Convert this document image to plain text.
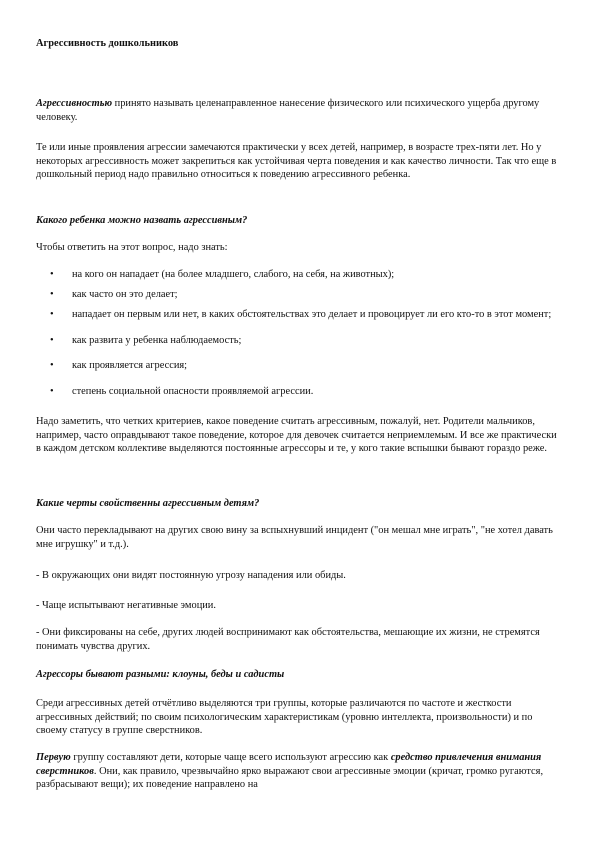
Агрессивность дошкольников

Агрессивностью принято называть целенаправленное нанесение физического или психического ущерба другому человеку.

Те или иные проявления агрессии замечаются практически у всех детей, например, в возрасте трех-пяти лет. Но у некоторых агрессивность может закрепиться как устойчивая черта поведения и как качество личности. Так что еще в дошкольный период надо правильно относиться к поведению агрессивного ребенка.

Какого ребенка можно назвать агрессивным?

Чтобы ответить на этот вопрос, надо знать:

• на кого он нападает (на более младшего, слабого, на себя, на животных);
• как часто он это делает;
• нападает он первым или нет, в каких обстоятельствах это делает и провоцирует ли его кто-то в этот момент;
• как развита у ребенка наблюдаемость;
• как проявляется агрессия;
• степень социальной опасности проявляемой агрессии.

Надо заметить, что четких критериев, какое поведение считать агрессивным, пожалуй, нет. Родители мальчиков, например, часто оправдывают такое поведение, которое для девочек считается неприемлемым. И все же практически в каждом детском коллективе выделяются постоянные агрессоры и те, у кого такие вспышки бывают гораздо реже.

Какие черты свойственны агрессивным детям?

Они часто перекладывают на других свою вину за вспыхнувший инцидент ("он мешал мне играть", "не хотел давать мне игрушку" и т.д.).

- В окружающих они видят постоянную угрозу нападения или обиды.

- Чаще испытывают негативные эмоции.

- Они фиксированы на себе, других людей воспринимают как обстоятельства, мешающие их жизни, не стремятся понимать чувства других.

Агрессоры бывают разными: клоуны, беды и садисты

Среди агрессивных детей отчётливо выделяются три группы, которые различаются по частоте и жесткости агрессивных действий; по своим психологическим характеристикам (уровню интеллекта, произвольности) и по своему статусу в группе сверстников.

Первую группу составляют дети, которые чаще всего используют агрессию как средство привлечения внимания сверстников. Они, как правило, чрезвычайно ярко выражают свои агрессивные эмоции (кричат, громко ругаются, разбрасывают вещи); их поведение направлено на
